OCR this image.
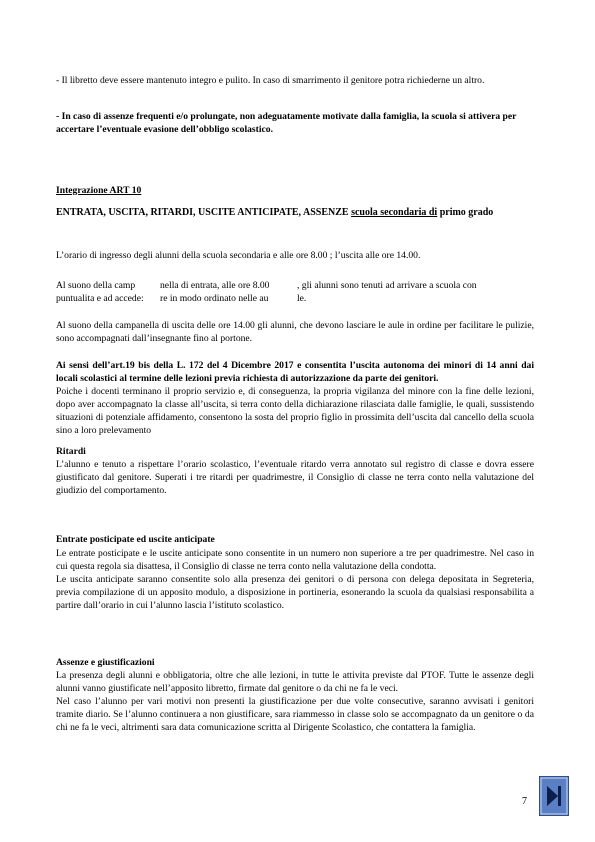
- Il libretto deve essere mantenuto integro e pulito. In caso di smarrimento il genitore potra richiederne un altro.
- In caso di assenze frequenti e/o prolungate, non adeguatamente motivate dalla famiglia, la scuola si attivera per accertare l’eventuale evasione dell’obbligo scolastico.
Integrazione ART 10
ENTRATA, USCITA, RITARDI, USCITE ANTICIPATE, ASSENZE scuola secondaria di primo grado
L’orario di ingresso degli alunni della scuola secondaria e alle ore 8.00 ; l’uscita alle ore 14.00.
Al suono della camp
puntualita e ad accede:
nella di entrata, alle ore 8.00
re in modo ordinato nelle au
, gli alunni sono tenuti ad arrivare a scuola con
le.
Al suono della campanella di uscita delle ore 14.00 gli alunni, che devono lasciare le aule in ordine per facilitare le pulizie, sono accompagnati dall’insegnante fino al portone.
Ai sensi dell’art.19 bis della L. 172 del 4 Dicembre 2017 e consentita l’uscita autonoma dei minori di 14 anni dai locali scolastici al termine delle lezioni previa richiesta di autorizzazione da parte dei genitori.
Poiche i docenti terminano il proprio servizio e, di conseguenza, la propria vigilanza del minore con la fine delle lezioni, dopo aver accompagnato la classe all’uscita, si terra conto della dichiarazione rilasciata dalle famiglie, le quali, sussistendo situazioni di potenziale affidamento, consentono la sosta del proprio figlio in prossimita dell’uscita dal cancello della scuola sino a loro prelevamento
Ritardi
L’alunno e tenuto a rispettare l’orario scolastico, l’eventuale ritardo verra annotato sul registro di classe e dovra essere giustificato dal genitore. Superati i tre ritardi per quadrimestre, il Consiglio di classe ne terra conto nella valutazione del giudizio del comportamento.
Entrate posticipate ed uscite anticipate
Le entrate posticipate e le uscite anticipate sono consentite in un numero non superiore a tre per quadrimestre. Nel caso in cui questa regola sia disattesa, il Consiglio di classe ne terra conto nella valutazione della condotta.
Le uscita anticipate saranno consentite solo alla presenza dei genitori o di persona con delega depositata in Segreteria, previa compilazione di un apposito modulo, a disposizione in portineria, esonerando la scuola da qualsiasi responsabilita a partire dall’orario in cui l’alunno lascia l’istituto scolastico.
Assenze e giustificazioni
La presenza degli alunni e obbligatoria, oltre che alle lezioni, in tutte le attivita previste dal PTOF. Tutte le assenze degli alunni vanno giustificate nell’apposito libretto, firmate dal genitore o da chi ne fa le veci.
Nel caso l’alunno per vari motivi non presenti la giustificazione per due volte consecutive, saranno avvisati i genitori tramite diario. Se l’alunno continuera a non giustificare, sara riammesso in classe solo se accompagnato da un genitore o da chi ne fa le veci, altrimenti sara data comunicazione scritta al Dirigente Scolastico, che contattera la famiglia.
7
